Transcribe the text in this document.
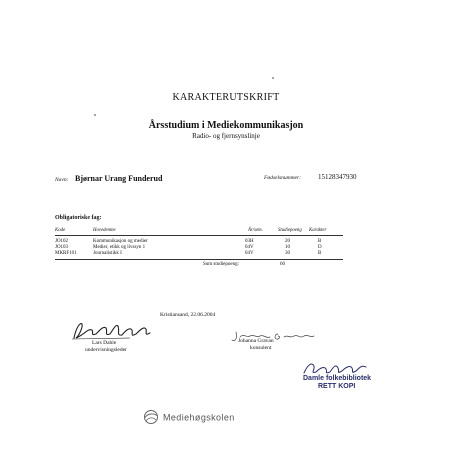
KARAKTERUTSKRIFT
Årsstudium i Mediekommunikasjon
Radio- og fjernsynslinje
Navn: Bjørnar Urang Funderud	Fødselsnummer: 15128347930
Obligatoriske fag:
Kode	Hovedemne	År/sem.	Studiepoeng Karakter
JO102	Kommunikasjon og medier	03H	20	B
JO103	Medier, etikk og livssyn 1	04V	10	D
MKRF101	Journalistikk I	04V	30	B
Sum studiepoeng:	60
Kristiansand, 22.06.2004
Lars Dahle
undervisningsleder
Johanna Gravan
konsulent
Damle folkebibliotek
RETT KOPI
Mediehøgskolen
